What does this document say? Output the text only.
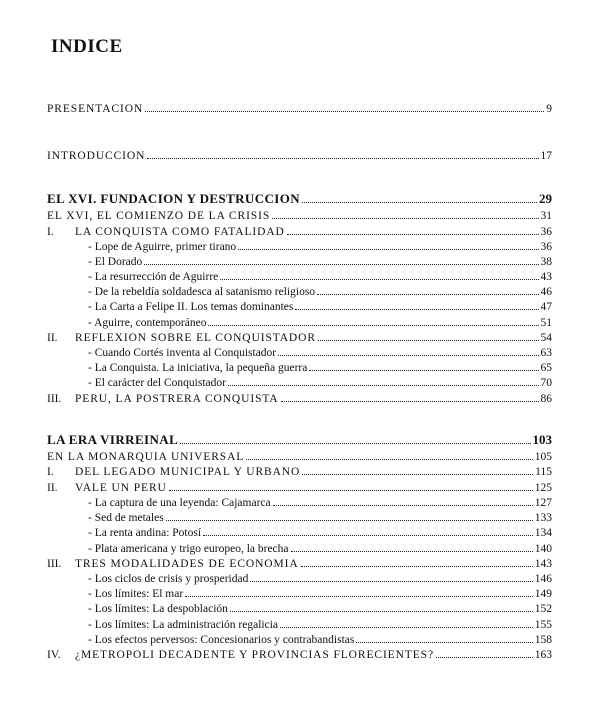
INDICE
PRESENTACION	9
INTRODUCCION	17
EL XVI. FUNDACION Y DESTRUCCION	29
EL XVI, EL COMIENZO DE LA CRISIS	31
I.	LA CONQUISTA COMO FATALIDAD	36
- Lope de Aguirre, primer tirano	36
- El Dorado	38
- La resurrección de Aguirre	43
- De la rebeldía soldadesca al satanismo religioso	46
- La Carta a Felipe II. Los temas dominantes	47
- Aguirre, contemporáneo	51
II.	REFLEXION SOBRE EL CONQUISTADOR	54
- Cuando Cortés inventa al Conquistador	63
- La Conquista. La iniciativa, la pequeña guerra	65
- El carácter del Conquistador	70
III.	PERU, LA POSTRERA CONQUISTA	86
LA ERA VIRREINAL	103
EN LA MONARQUIA UNIVERSAL	105
I.	DEL LEGADO MUNICIPAL Y URBANO	115
II.	VALE UN PERU	125
- La captura de una leyenda: Cajamarca	127
- Sed de metales	133
- La renta andina: Potosí	134
- Plata americana y trigo europeo, la brecha	140
III.	TRES MODALIDADES DE ECONOMIA	143
- Los ciclos de crisis y prosperidad	146
- Los límites: El mar	149
- Los límites: La despoblación	152
- Los límites: La administración regalicia	155
- Los efectos perversos: Concesionarios y contrabandistas	158
IV.	¿METROPOLI DECADENTE Y PROVINCIAS FLORECIENTES?	163
